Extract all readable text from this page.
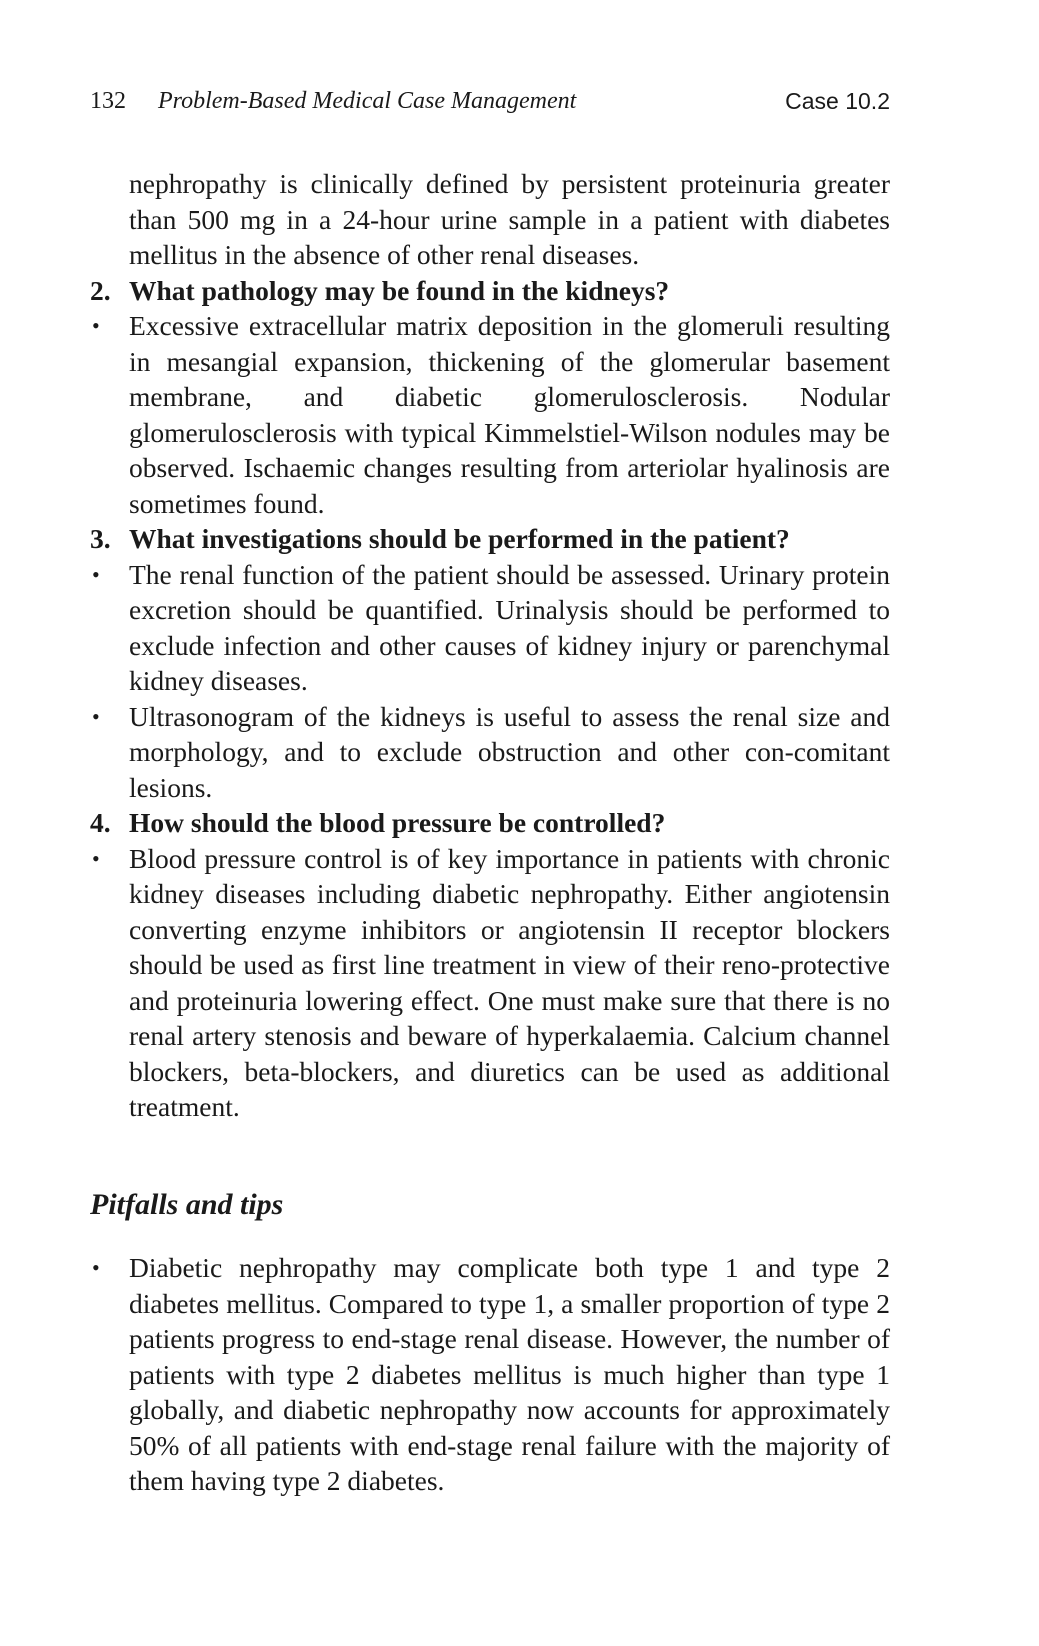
132 Problem-Based Medical Case Management	Case 10.2
nephropathy is clinically defined by persistent proteinuria greater than 500 mg in a 24-hour urine sample in a patient with diabetes mellitus in the absence of other renal diseases.
2. What pathology may be found in the kidneys?
• Excessive extracellular matrix deposition in the glomeruli resulting in mesangial expansion, thickening of the glomerular basement membrane, and diabetic glomerulosclerosis. Nodular glomerulosclerosis with typical Kimmelstiel-Wilson nodules may be observed. Ischaemic changes resulting from arteriolar hyalinosis are sometimes found.
3. What investigations should be performed in the patient?
• The renal function of the patient should be assessed. Urinary protein excretion should be quantified. Urinalysis should be performed to exclude infection and other causes of kidney injury or parenchymal kidney diseases.
• Ultrasonogram of the kidneys is useful to assess the renal size and morphology, and to exclude obstruction and other con-comitant lesions.
4. How should the blood pressure be controlled?
• Blood pressure control is of key importance in patients with chronic kidney diseases including diabetic nephropathy. Either angiotensin converting enzyme inhibitors or angiotensin II receptor blockers should be used as first line treatment in view of their reno-protective and proteinuria lowering effect. One must make sure that there is no renal artery stenosis and beware of hyperkalaemia. Calcium channel blockers, beta-blockers, and diuretics can be used as additional treatment.
Pitfalls and tips
• Diabetic nephropathy may complicate both type 1 and type 2 diabetes mellitus. Compared to type 1, a smaller proportion of type 2 patients progress to end-stage renal disease. However, the number of patients with type 2 diabetes mellitus is much higher than type 1 globally, and diabetic nephropathy now accounts for approximately 50% of all patients with end-stage renal failure with the majority of them having type 2 diabetes.
